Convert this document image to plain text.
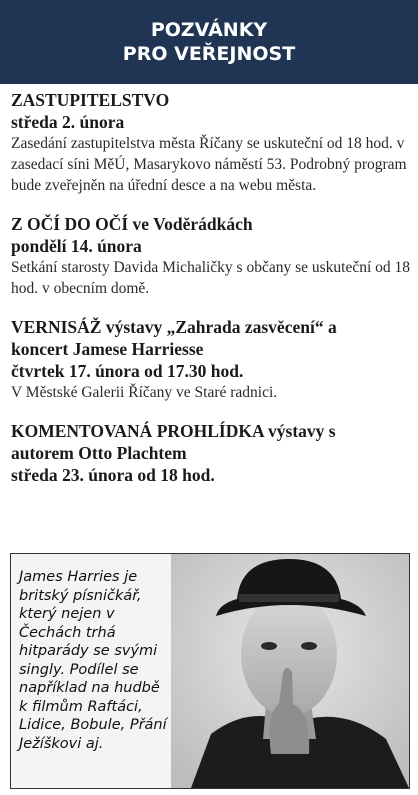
POZVÁNKY
PRO VEŘEJNOST
ZASTUPITELSTVO
středa 2. února
Zasedání zastupitelstva města Říčany se uskuteční od 18 hod. v zasedací síni MěÚ, Masarykovo náměstí 53. Podrobný program bude zveřejněn na úřední desce a na webu města.
Z OČÍ DO OČÍ ve Voděrádkách
pondělí 14. února
Setkání starosty Davida Michaličky s občany se uskuteční od 18 hod. v obecním domě.
VERNISÁŽ výstavy „Zahrada zasvěcení“ a koncert Jamese Harriesse
čtvrtek 17. února od 17.30 hod.
V Městské Galerii Říčany ve Staré radnici.
KOMENTOVANÁ PROHLÍDKA výstavy s autorem Otto Plachtem
středa 23. února od 18 hod.
James Harries je britský písničkář, který nejen v Čechách trhá hitparády se svými singly. Podílel se například na hudbě k filmům Raftáci, Lidice, Bobule, Přání Ježíškovi aj.
